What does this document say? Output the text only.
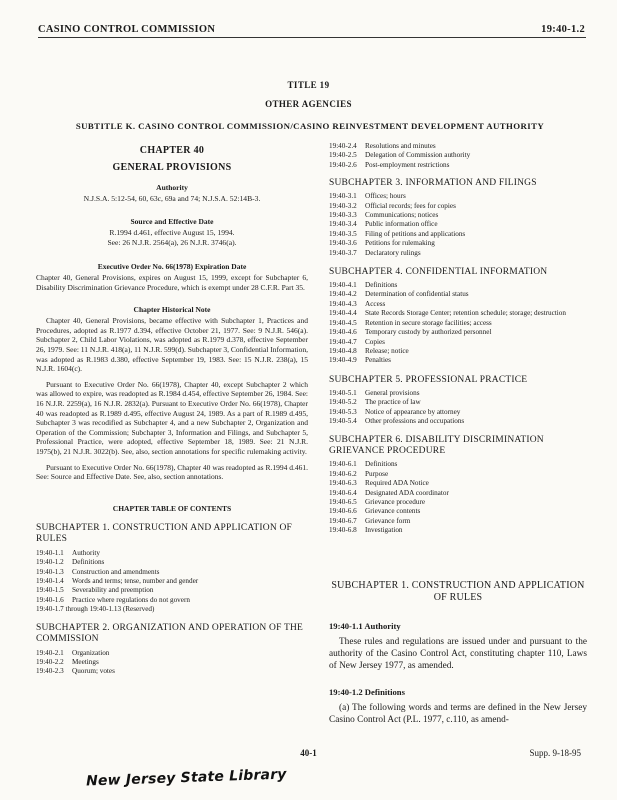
CASINO CONTROL COMMISSION	19:40-1.2
TITLE 19
OTHER AGENCIES
SUBTITLE K. CASINO CONTROL COMMISSION/CASINO REINVESTMENT DEVELOPMENT AUTHORITY
CHAPTER 40
GENERAL PROVISIONS
Authority
N.J.S.A. 5:12-54, 60, 63c, 69a and 74; N.J.S.A. 52:14B-3.
Source and Effective Date
R.1994 d.461, effective August 15, 1994.
See: 26 N.J.R. 2564(a), 26 N.J.R. 3746(a).
Executive Order No. 66(1978) Expiration Date
Chapter 40, General Provisions, expires on August 15, 1999, except for Subchapter 6, Disability Discrimination Grievance Procedure, which is exempt under 28 C.F.R. Part 35.
Chapter Historical Note
Chapter 40, General Provisions, became effective with Subchapter 1, Practices and Procedures, adopted as R.1977 d.394, effective October 21, 1977. See: 9 N.J.R. 546(a). Subchapter 2, Child Labor Violations, was adopted as R.1979 d.378, effective September 26, 1979. See: 11 N.J.R. 418(a), 11 N.J.R. 599(d). Subchapter 3, Confidential Information, was adopted as R.1983 d.380, effective September 19, 1983. See: 15 N.J.R. 238(a), 15 N.J.R. 1604(c).
Pursuant to Executive Order No. 66(1978), Chapter 40, except Subchapter 2 which was allowed to expire, was readopted as R.1984 d.454, effective September 26, 1984. See: 16 N.J.R. 2259(a), 16 N.J.R. 2832(a). Pursuant to Executive Order No. 66(1978), Chapter 40 was readopted as R.1989 d.495, effective August 24, 1989. As a part of R.1989 d.495, Subchapter 3 was recodified as Subchapter 4, and a new Subchapter 2, Organization and Operation of the Commission; Subchapter 3, Information and Filings, and Subchapter 5, Professional Practice, were adopted, effective September 18, 1989. See: 21 N.J.R. 1975(b), 21 N.J.R. 3022(b). See, also, section annotations for specific rulemaking activity.
Pursuant to Executive Order No. 66(1978), Chapter 40 was readopted as R.1994 d.461. See: Source and Effective Date. See, also, section annotations.
CHAPTER TABLE OF CONTENTS
SUBCHAPTER 1. CONSTRUCTION AND APPLICATION OF RULES
19:40-1.1	Authority
19:40-1.2	Definitions
19:40-1.3	Construction and amendments
19:40-1.4	Words and terms; tense, number and gender
19:40-1.5	Severability and preemption
19:40-1.6	Practice where regulations do not govern
19:40-1.7 through 19:40-1.13 (Reserved)
SUBCHAPTER 2. ORGANIZATION AND OPERATION OF THE COMMISSION
19:40-2.1	Organization
19:40-2.2	Meetings
19:40-2.3	Quorum; votes
19:40-2.4	Resolutions and minutes
19:40-2.5	Delegation of Commission authority
19:40-2.6	Post-employment restrictions
SUBCHAPTER 3. INFORMATION AND FILINGS
19:40-3.1	Offices; hours
19:40-3.2	Official records; fees for copies
19:40-3.3	Communications; notices
19:40-3.4	Public information office
19:40-3.5	Filing of petitions and applications
19:40-3.6	Petitions for rulemaking
19:40-3.7	Declaratory rulings
SUBCHAPTER 4. CONFIDENTIAL INFORMATION
19:40-4.1	Definitions
19:40-4.2	Determination of confidential status
19:40-4.3	Access
19:40-4.4	State Records Storage Center; retention schedule; storage; destruction
19:40-4.5	Retention in secure storage facilities; access
19:40-4.6	Temporary custody by authorized personnel
19:40-4.7	Copies
19:40-4.8	Release; notice
19:40-4.9	Penalties
SUBCHAPTER 5. PROFESSIONAL PRACTICE
19:40-5.1	General provisions
19:40-5.2	The practice of law
19:40-5.3	Notice of appearance by attorney
19:40-5.4	Other professions and occupations
SUBCHAPTER 6. DISABILITY DISCRIMINATION GRIEVANCE PROCEDURE
19:40-6.1	Definitions
19:40-6.2	Purpose
19:40-6.3	Required ADA Notice
19:40-6.4	Designated ADA coordinator
19:40-6.5	Grievance procedure
19:40-6.6	Grievance contents
19:40-6.7	Grievance form
19:40-6.8	Investigation
SUBCHAPTER 1. CONSTRUCTION AND APPLICATION OF RULES
19:40-1.1 Authority
These rules and regulations are issued under and pursuant to the authority of the Casino Control Act, constituting chapter 110, Laws of New Jersey 1977, as amended.
19:40-1.2 Definitions
(a) The following words and terms are defined in the New Jersey Casino Control Act (P.L. 1977, c.110, as amend-
40-1	Supp. 9-18-95
New Jersey State Library
